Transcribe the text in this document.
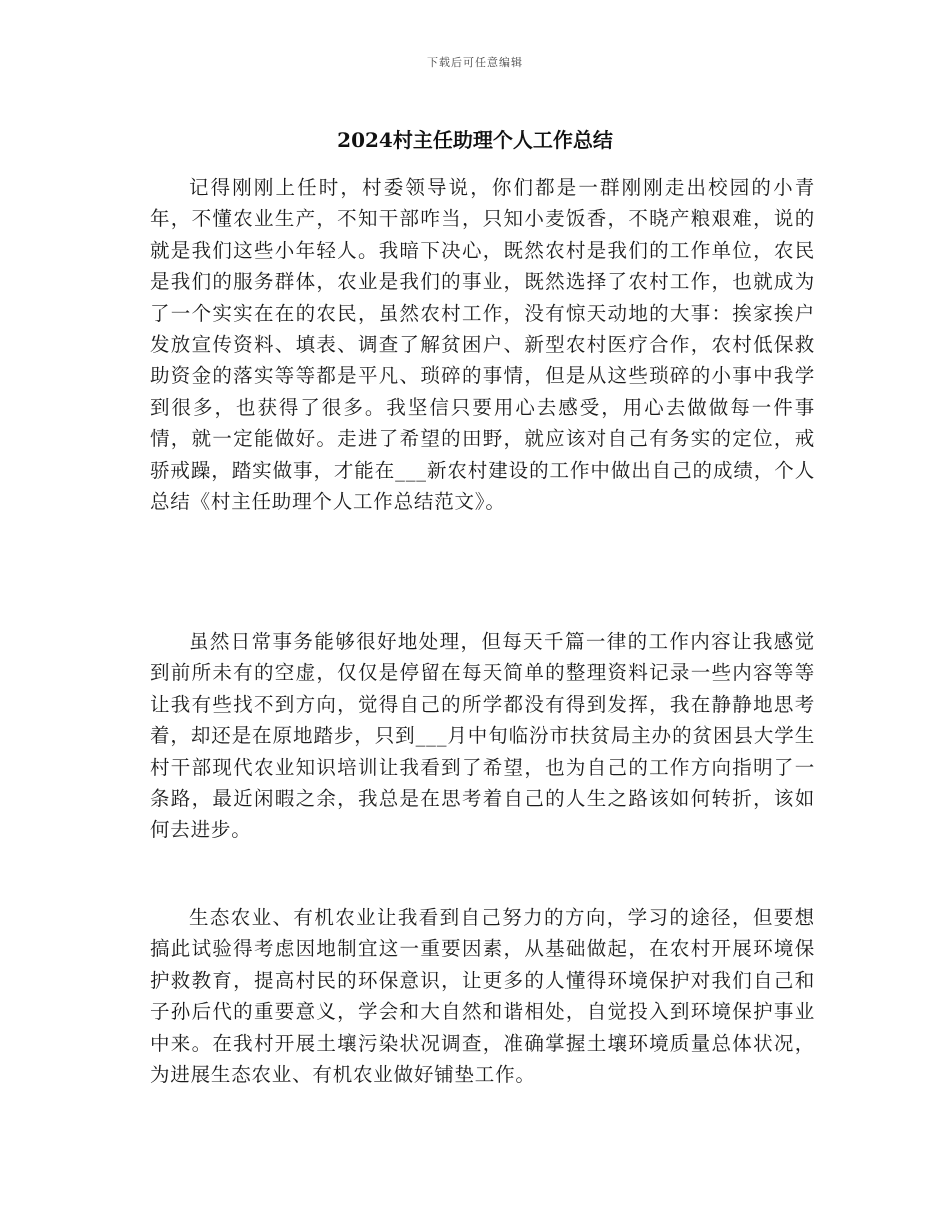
下载后可任意编辑
2024村主任助理个人工作总结

记得刚刚上任时，村委领导说，你们都是一群刚刚走出校园的小青年，不懂农业生产，不知干部咋当，只知小麦饭香，不晓产粮艰难，说的就是我们这些小年轻人。我暗下决心，既然农村是我们的工作单位，农民是我们的服务群体，农业是我们的事业，既然选择了农村工作，也就成为了一个实实在在的农民，虽然农村工作，没有惊天动地的大事：挨家挨户发放宣传资料、填表、调查了解贫困户、新型农村医疗合作，农村低保救助资金的落实等等都是平凡、琐碎的事情，但是从这些琐碎的小事中我学到很多，也获得了很多。我坚信只要用心去感受，用心去做做每一件事情，就一定能做好。走进了希望的田野，就应该对自己有务实的定位，戒骄戒躁，踏实做事，才能在___新农村建设的工作中做出自己的成绩，个人总结《村主任助理个人工作总结范文》。

虽然日常事务能够很好地处理，但每天千篇一律的工作内容让我感觉到前所未有的空虚，仅仅是停留在每天简单的整理资料记录一些内容等等让我有些找不到方向，觉得自己的所学都没有得到发挥，我在静静地思考着，却还是在原地踏步，只到___月中旬临汾市扶贫局主办的贫困县大学生村干部现代农业知识培训让我看到了希望，也为自己的工作方向指明了一条路，最近闲暇之余，我总是在思考着自己的人生之路该如何转折，该如何去进步。

生态农业、有机农业让我看到自己努力的方向，学习的途径，但要想搞此试验得考虑因地制宜这一重要因素，从基础做起，在农村开展环境保护救教育，提高村民的环保意识，让更多的人懂得环境保护对我们自己和子孙后代的重要意义，学会和大自然和谐相处，自觉投入到环境保护事业中来。在我村开展土壤污染状况调查，准确掌握土壤环境质量总体状况，为进展生态农业、有机农业做好铺垫工作。
